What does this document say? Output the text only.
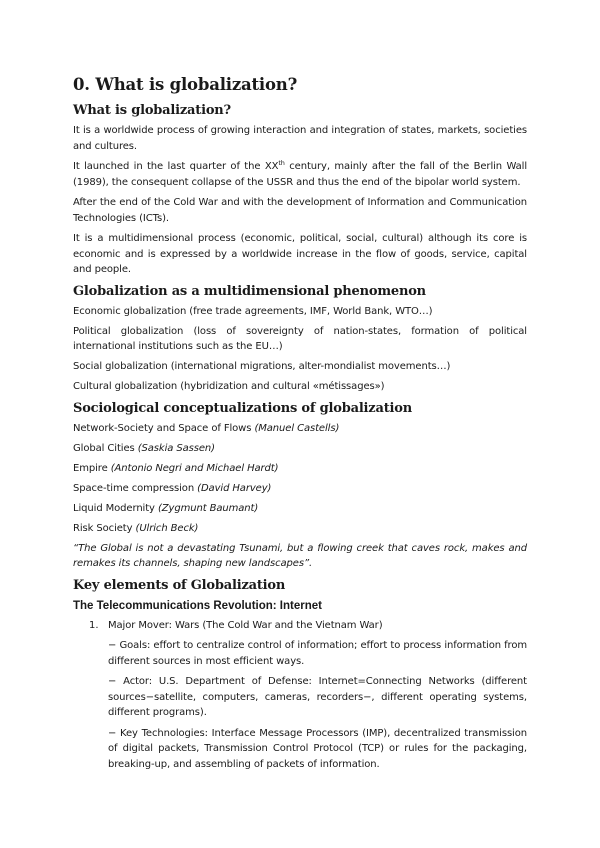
0. What is globalization?
What is globalization?

It is a worldwide process of growing interaction and integration of states, markets, societies and cultures.

It launched in the last quarter of the XXth century, mainly after the fall of the Berlin Wall (1989), the consequent collapse of the USSR and thus the end of the bipolar world system.

After the end of the Cold War and with the development of Information and Communication Technologies (ICTs).

It is a multidimensional process (economic, political, social, cultural) although its core is economic and is expressed by a worldwide increase in the flow of goods, service, capital and people.

Globalization as a multidimensional phenomenon

Economic globalization (free trade agreements, IMF, World Bank, WTO…)

Political globalization (loss of sovereignty of nation-states, formation of political international institutions such as the EU…)

Social globalization (international migrations, alter-mondialist movements…)

Cultural globalization (hybridization and cultural «métissages»)

Sociological conceptualizations of globalization

Network-Society and Space of Flows (Manuel Castells)

Global Cities (Saskia Sassen)

Empire (Antonio Negri and Michael Hardt)

Space-time compression (David Harvey)

Liquid Modernity (Zygmunt Baumant)

Risk Society (Ulrich Beck)

“The Global is not a devastating Tsunami, but a flowing creek that caves rock, makes and remakes its channels, shaping new landscapes”.

Key elements of Globalization
The Telecommunications Revolution: Internet
1. Major Mover: Wars (The Cold War and the Vietnam War)

− Goals: effort to centralize control of information; effort to process information from different sources in most efficient ways.

− Actor: U.S. Department of Defense: Internet=Connecting Networks (different sources−satellite, computers, cameras, recorders−, different operating systems, different programs).

− Key Technologies: Interface Message Processors (IMP), decentralized transmission of digital packets, Transmission Control Protocol (TCP) or rules for the packaging, breaking-up, and assembling of packets of information.
